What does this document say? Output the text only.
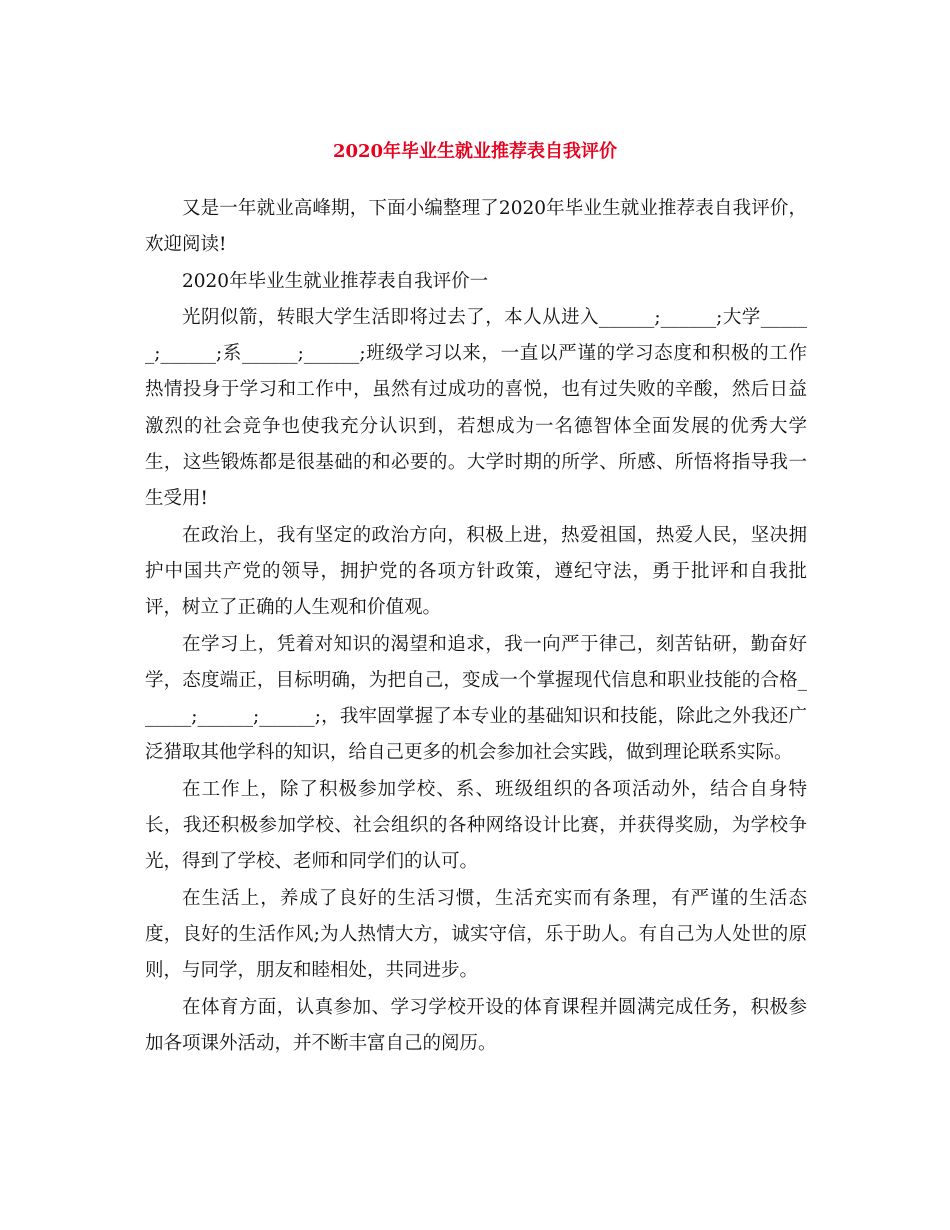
2020年毕业生就业推荐表自我评价

又是一年就业高峰期，下面小编整理了2020年毕业生就业推荐表自我评价，欢迎阅读!

2020年毕业生就业推荐表自我评价一

光阴似箭，转眼大学生活即将过去了，本人从进入______;______;大学______;______;系______;______;班级学习以来，一直以严谨的学习态度和积极的工作热情投身于学习和工作中，虽然有过成功的喜悦，也有过失败的辛酸，然后日益激烈的社会竞争也使我充分认识到，若想成为一名德智体全面发展的优秀大学生，这些锻炼都是很基础的和必要的。大学时期的所学、所感、所悟将指导我一生受用!

在政治上，我有坚定的政治方向，积极上进，热爱祖国，热爱人民，坚决拥护中国共产党的领导，拥护党的各项方针政策，遵纪守法，勇于批评和自我批评，树立了正确的人生观和价值观。

在学习上，凭着对知识的渴望和追求，我一向严于律己，刻苦钻研，勤奋好学，态度端正，目标明确，为把自己，变成一个掌握现代信息和职业技能的合格______;______;______;，我牢固掌握了本专业的基础知识和技能，除此之外我还广泛猎取其他学科的知识，给自己更多的机会参加社会实践，做到理论联系实际。

在工作上，除了积极参加学校、系、班级组织的各项活动外，结合自身特长，我还积极参加学校、社会组织的各种网络设计比赛，并获得奖励，为学校争光，得到了学校、老师和同学们的认可。

在生活上，养成了良好的生活习惯，生活充实而有条理，有严谨的生活态度，良好的生活作风;为人热情大方，诚实守信，乐于助人。有自己为人处世的原则，与同学，朋友和睦相处，共同进步。

在体育方面，认真参加、学习学校开设的体育课程并圆满完成任务，积极参加各项课外活动，并不断丰富自己的阅历。
